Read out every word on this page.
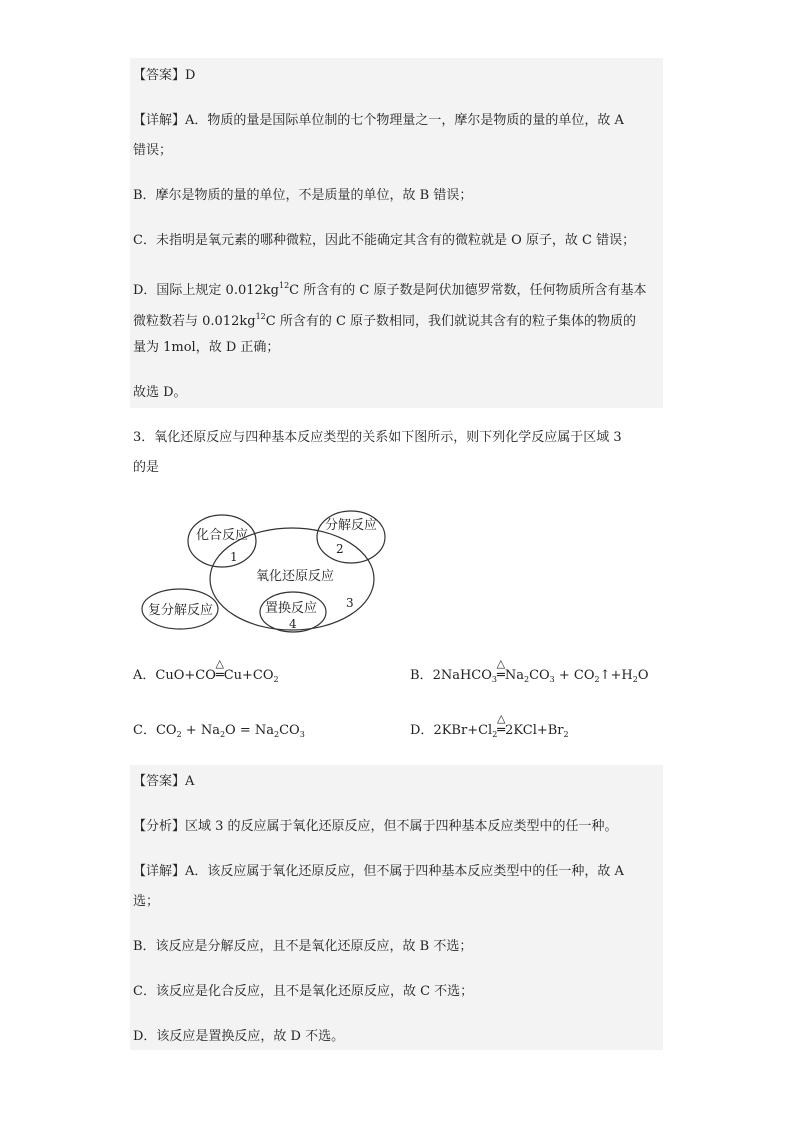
【答案】D
【详解】A．物质的量是国际单位制的七个物理量之一，摩尔是物质的量的单位，故 A
错误；
B．摩尔是物质的量的单位，不是质量的单位，故 B 错误；
C．未指明是氧元素的哪种微粒，因此不能确定其含有的微粒就是 O 原子，故 C 错误；
D．国际上规定 $0.012kg^{12}C$ 所含有的 C 原子数是阿伏加德罗常数，任何物质所含有基本
微粒数若与 $0.012kg^{12}C$ 所含有的 C 原子数相同，我们就说其含有的粒子集体的物质的
量为 1mol，故 D 正确；
故选 D。
3．氧化还原反应与四种基本反应类型的关系如下图所示，则下列化学反应属于区域 3
的是
化合反应
1
分解反应
2
氧化还原反应
3
复分解反应	置换反应
4
A．CuO+CO
△
$═Cu+CO_2$	B．2NaHCO$_3$
△
$═Na_2CO_3$ + $CO_2↑+H_2O$
C．$CO_2 + Na_2O = Na_2CO_3$	D．$2KBr+Cl_2$
△
$═2KCl+Br_2$
【答案】A
【分析】区域 3 的反应属于氧化还原反应，但不属于四种基本反应类型中的任一种。
【详解】A．该反应属于氧化还原反应，但不属于四种基本反应类型中的任一种，故 A
选；
B．该反应是分解反应，且不是氧化还原反应，故 B 不选；
C．该反应是化合反应，且不是氧化还原反应，故 C 不选；
D．该反应是置换反应，故 D 不选。
